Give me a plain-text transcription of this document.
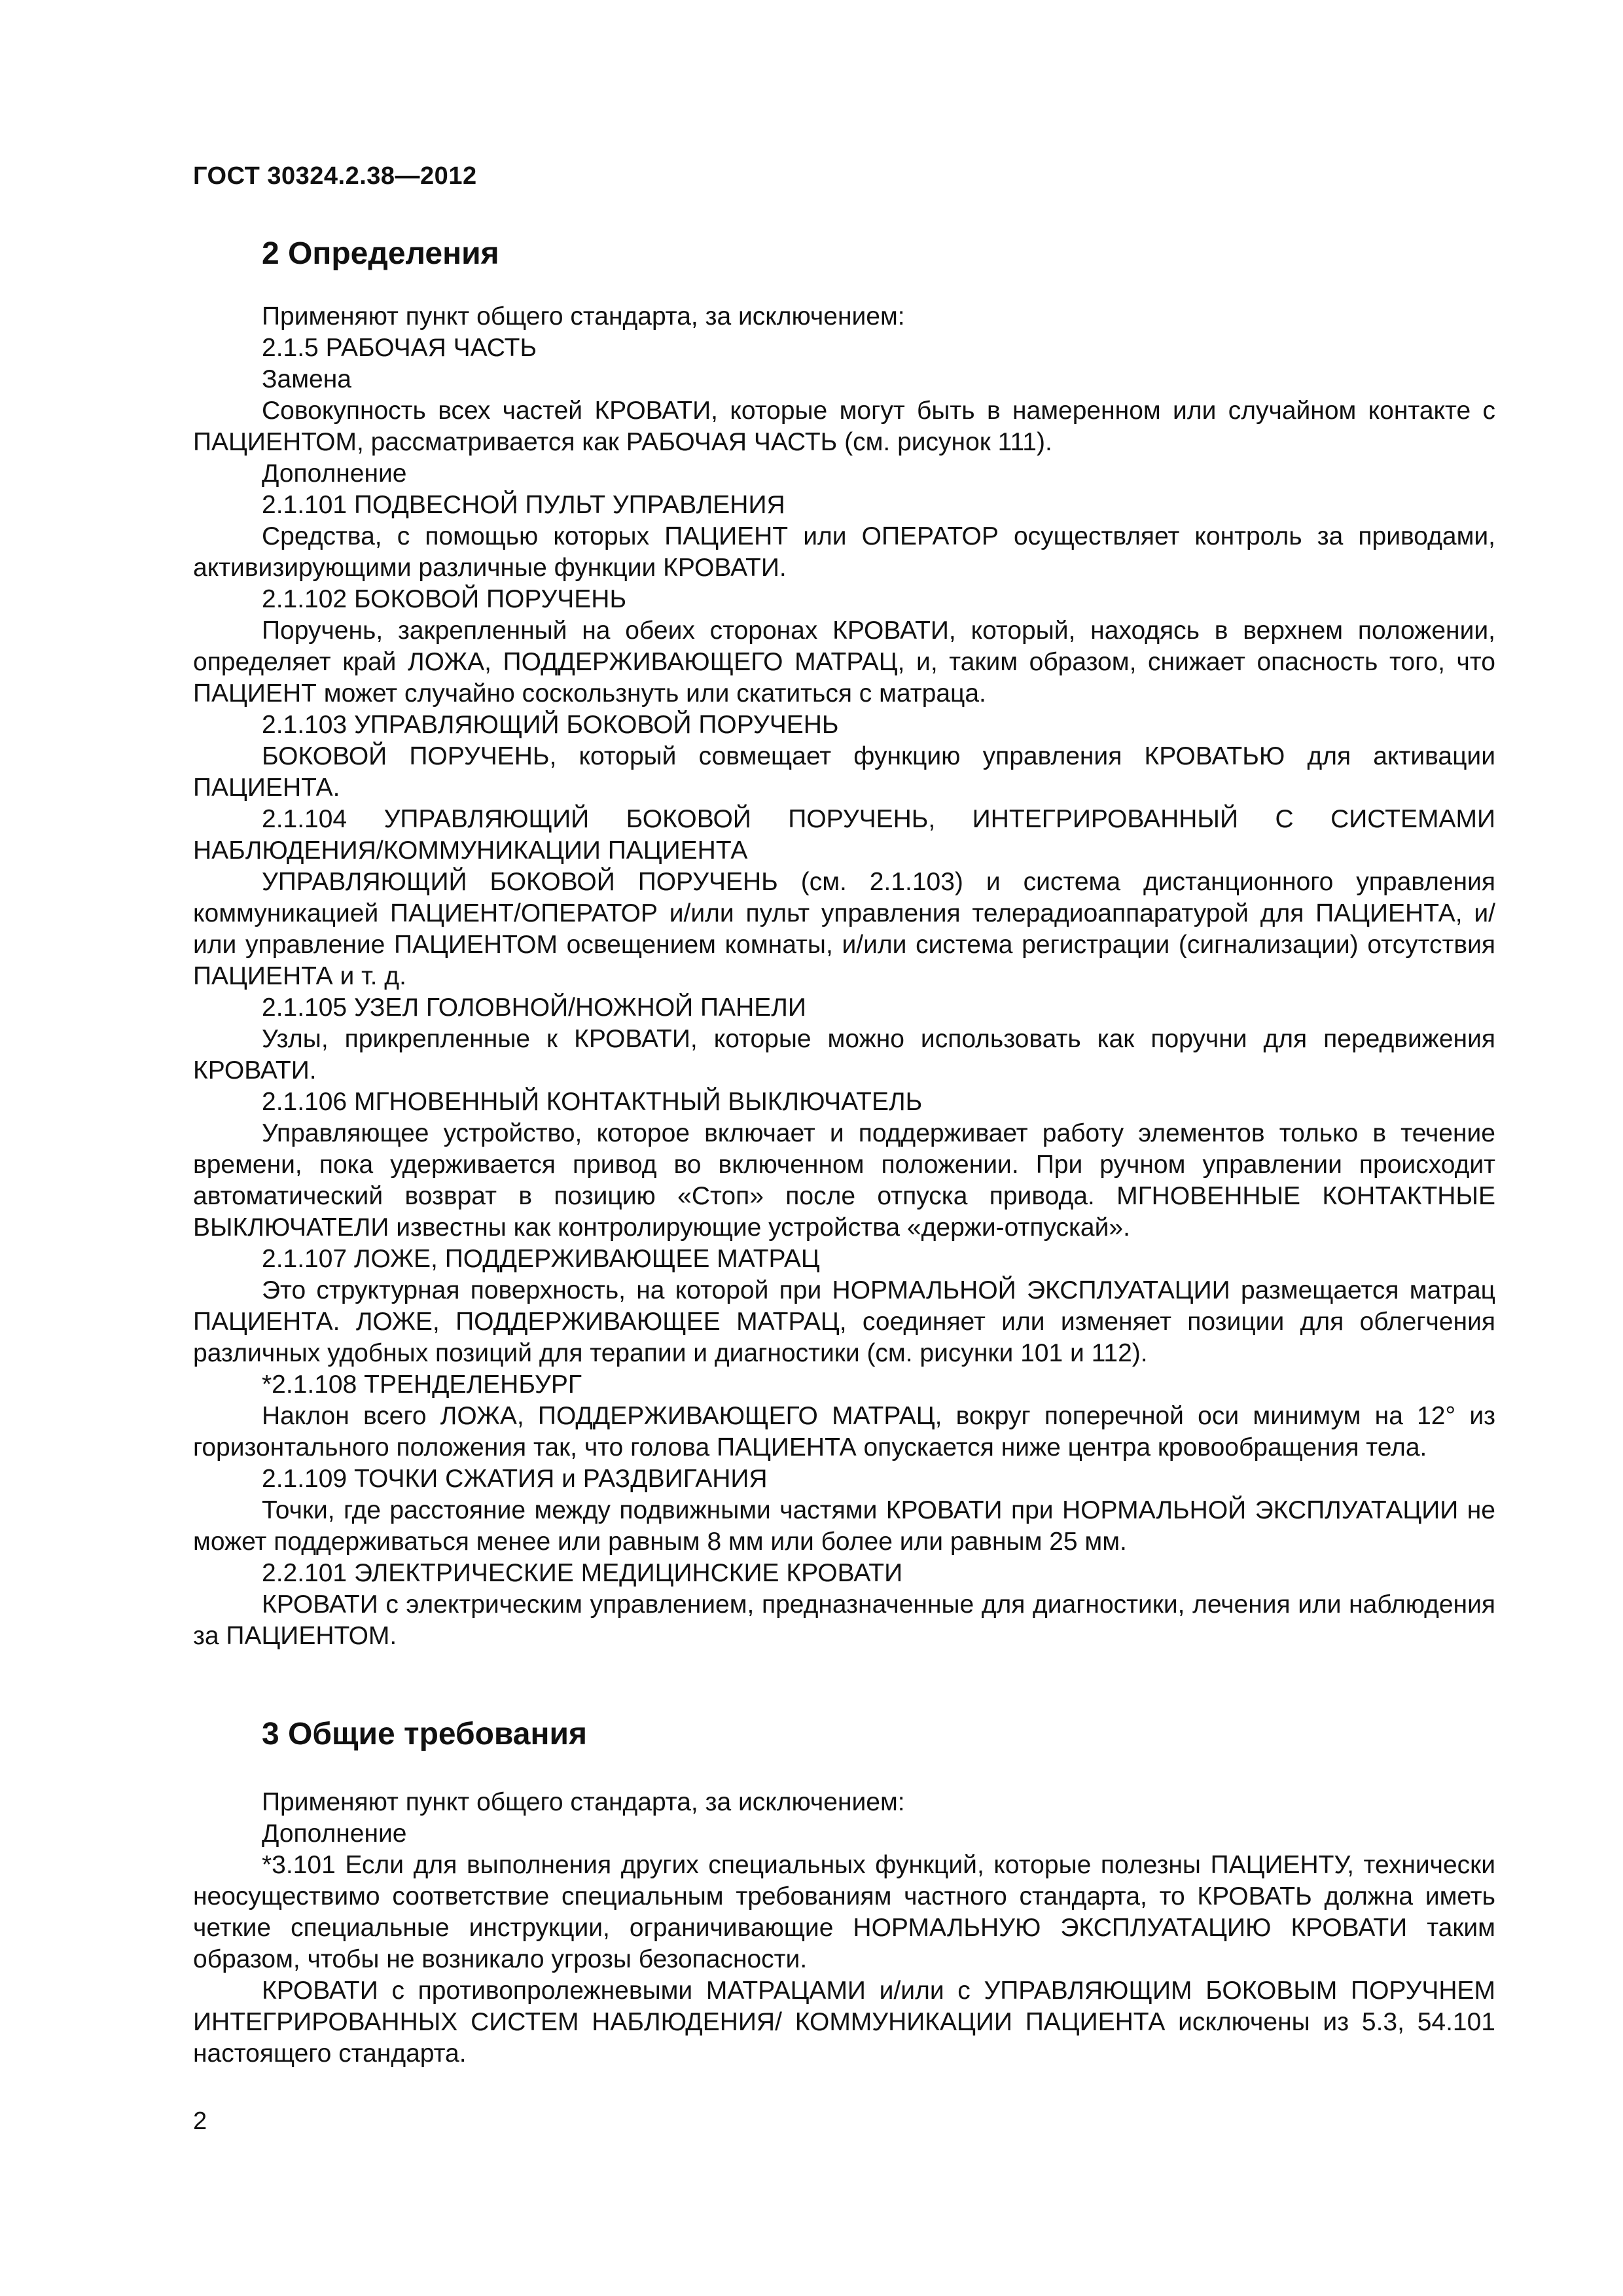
ГОСТ 30324.2.38—2012
2 Определения

Применяют пункт общего стандарта, за исключением:

2.1.5 РАБОЧАЯ ЧАСТЬ

Замена

Совокупность всех частей КРОВАТИ, которые могут быть в намеренном или случайном контакте с ПАЦИЕНТОМ, рассматривается как РАБОЧАЯ ЧАСТЬ (см. рисунок 111).

Дополнение

2.1.101 ПОДВЕСНОЙ ПУЛЬТ УПРАВЛЕНИЯ

Средства, с помощью которых ПАЦИЕНТ или ОПЕРАТОР осуществляет контроль за приводами, активизирующими различные функции КРОВАТИ.

2.1.102 БОКОВОЙ ПОРУЧЕНЬ

Поручень, закрепленный на обеих сторонах КРОВАТИ, который, находясь в верхнем положении, определяет край ЛОЖА, ПОДДЕРЖИВАЮЩЕГО МАТРАЦ, и, таким образом, снижает опасность того, что ПАЦИЕНТ может случайно соскользнуть или скатиться с матраца.

2.1.103 УПРАВЛЯЮЩИЙ БОКОВОЙ ПОРУЧЕНЬ

БОКОВОЙ ПОРУЧЕНЬ, который совмещает функцию управления КРОВАТЬЮ для активации ПАЦИЕНТА.

2.1.104 УПРАВЛЯЮЩИЙ БОКОВОЙ ПОРУЧЕНЬ, ИНТЕГРИРОВАННЫЙ С СИСТЕМАМИ НАБЛЮДЕНИЯ/КОММУНИКАЦИИ ПАЦИЕНТА

УПРАВЛЯЮЩИЙ БОКОВОЙ ПОРУЧЕНЬ (см. 2.1.103) и система дистанционного управления коммуникацией ПАЦИЕНТ/ОПЕРАТОР и/или пульт управления телерадиоаппаратурой для ПАЦИЕНТА, и/или управление ПАЦИЕНТОМ освещением комнаты, и/или система регистрации (сигнализации) отсутствия ПАЦИЕНТА и т. д.

2.1.105 УЗЕЛ ГОЛОВНОЙ/НОЖНОЙ ПАНЕЛИ

Узлы, прикрепленные к КРОВАТИ, которые можно использовать как поручни для передвижения КРОВАТИ.

2.1.106 МГНОВЕННЫЙ КОНТАКТНЫЙ ВЫКЛЮЧАТЕЛЬ

Управляющее устройство, которое включает и поддерживает работу элементов только в течение времени, пока удерживается привод во включенном положении. При ручном управлении происходит автоматический возврат в позицию «Стоп» после отпуска привода. МГНОВЕННЫЕ КОНТАКТНЫЕ ВЫКЛЮЧАТЕЛИ известны как контролирующие устройства «держи-отпускай».

2.1.107 ЛОЖЕ, ПОДДЕРЖИВАЮЩЕЕ МАТРАЦ

Это структурная поверхность, на которой при НОРМАЛЬНОЙ ЭКСПЛУАТАЦИИ размещается матрац ПАЦИЕНТА. ЛОЖЕ, ПОДДЕРЖИВАЮЩЕЕ МАТРАЦ, соединяет или изменяет позиции для облегчения различных удобных позиций для терапии и диагностики (см. рисунки 101 и 112).

*2.1.108 ТРЕНДЕЛЕНБУРГ

Наклон всего ЛОЖА, ПОДДЕРЖИВАЮЩЕГО МАТРАЦ, вокруг поперечной оси минимум на 12° из горизонтального положения так, что голова ПАЦИЕНТА опускается ниже центра кровообращения тела.

2.1.109 ТОЧКИ СЖАТИЯ и РАЗДВИГАНИЯ

Точки, где расстояние между подвижными частями КРОВАТИ при НОРМАЛЬНОЙ ЭКСПЛУАТАЦИИ не может поддерживаться менее или равным 8 мм или более или равным 25 мм.

2.2.101 ЭЛЕКТРИЧЕСКИЕ МЕДИЦИНСКИЕ КРОВАТИ

КРОВАТИ с электрическим управлением, предназначенные для диагностики, лечения или наблюдения за ПАЦИЕНТОМ.

3 Общие требования

Применяют пункт общего стандарта, за исключением:

Дополнение

*3.101 Если для выполнения других специальных функций, которые полезны ПАЦИЕНТУ, технически неосуществимо соответствие специальным требованиям частного стандарта, то КРОВАТЬ должна иметь четкие специальные инструкции, ограничивающие НОРМАЛЬНУЮ ЭКСПЛУАТАЦИЮ КРОВАТИ таким образом, чтобы не возникало угрозы безопасности.

КРОВАТИ с противопролежневыми МАТРАЦАМИ и/или с УПРАВЛЯЮЩИМ БОКОВЫМ ПОРУЧНЕМ ИНТЕГРИРОВАННЫХ СИСТЕМ НАБЛЮДЕНИЯ/ КОММУНИКАЦИИ ПАЦИЕНТА исключены из 5.3, 54.101 настоящего стандарта.

2
